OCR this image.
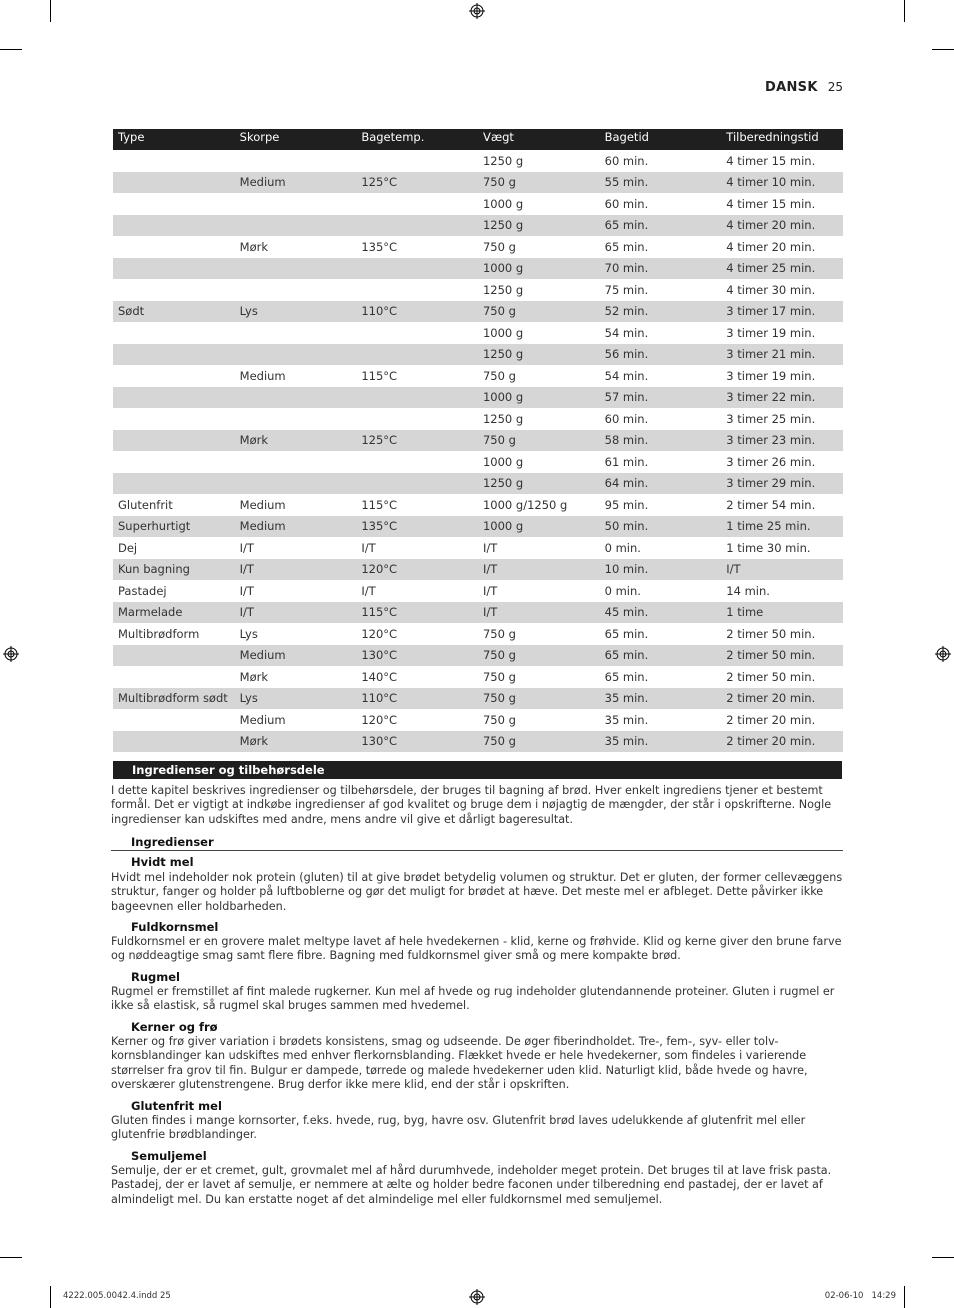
DANSK 25
Type	Skorpe	Bagetemp.	Vægt	Bagetid	Tilberedningstid
			1250 g	60 min.	4 timer 15 min.
	Medium	125°C	750 g	55 min.	4 timer 10 min.
			1000 g	60 min.	4 timer 15 min.
			1250 g	65 min.	4 timer 20 min.
	Mørk	135°C	750 g	65 min.	4 timer 20 min.
			1000 g	70 min.	4 timer 25 min.
			1250 g	75 min.	4 timer 30 min.
Sødt	Lys	110°C	750 g	52 min.	3 timer 17 min.
			1000 g	54 min.	3 timer 19 min.
			1250 g	56 min.	3 timer 21 min.
	Medium	115°C	750 g	54 min.	3 timer 19 min.
			1000 g	57 min.	3 timer 22 min.
			1250 g	60 min.	3 timer 25 min.
	Mørk	125°C	750 g	58 min.	3 timer 23 min.
			1000 g	61 min.	3 timer 26 min.
			1250 g	64 min.	3 timer 29 min.
Glutenfrit	Medium	115°C	1000 g/1250 g	95 min.	2 timer 54 min.
Superhurtigt	Medium	135°C	1000 g	50 min.	1 time 25 min.
Dej	I/T	I/T	I/T	0 min.	1 time 30 min.
Kun bagning	I/T	120°C	I/T	10 min.	I/T
Pastadej	I/T	I/T	I/T	0 min.	14 min.
Marmelade	I/T	115°C	I/T	45 min.	1 time
Multibrødform	Lys	120°C	750 g	65 min.	2 timer 50 min.
	Medium	130°C	750 g	65 min.	2 timer 50 min.
	Mørk	140°C	750 g	65 min.	2 timer 50 min.
Multibrødform sødt	Lys	110°C	750 g	35 min.	2 timer 20 min.
	Medium	120°C	750 g	35 min.	2 timer 20 min.
	Mørk	130°C	750 g	35 min.	2 timer 20 min.
Ingredienser og tilbehørsdele
I dette kapitel beskrives ingredienser og tilbehørsdele, der bruges til bagning af brød. Hver enkelt ingrediens tjener et bestemt formål. Det er vigtigt at indkøbe ingredienser af god kvalitet og bruge dem i nøjagtig de mængder, der står i opskrifterne. Nogle ingredienser kan udskiftes med andre, mens andre vil give et dårligt bageresultat.
Ingredienser
Hvidt mel
Hvidt mel indeholder nok protein (gluten) til at give brødet betydelig volumen og struktur. Det er gluten, der former cellevæggens struktur, fanger og holder på luftboblerne og gør det muligt for brødet at hæve. Det meste mel er afbleget. Dette påvirker ikke bageevnen eller holdbarheden.
Fuldkornsmel
Fuldkornsmel er en grovere malet meltype lavet af hele hvedekernen - klid, kerne og frøhvide. Klid og kerne giver den brune farve og nøddeagtige smag samt flere fibre. Bagning med fuldkornsmel giver små og mere kompakte brød.
Rugmel
Rugmel er fremstillet af fint malede rugkerner. Kun mel af hvede og rug indeholder glutendannende proteiner. Gluten i rugmel er ikke så elastisk, så rugmel skal bruges sammen med hvedemel.
Kerner og frø
Kerner og frø giver variation i brødets konsistens, smag og udseende. De øger fiberindholdet. Tre-, fem-, syv- eller tolv-kornsblandinger kan udskiftes med enhver flerkornsblanding. Flækket hvede er hele hvedekerner, som findeles i varierende størrelser fra grov til fin. Bulgur er dampede, tørrede og malede hvedekerner uden klid. Naturligt klid, både hvede og havre, overskærer glutenstrengene. Brug derfor ikke mere klid, end der står i opskriften.
Glutenfrit mel
Gluten findes i mange kornsorter, f.eks. hvede, rug, byg, havre osv. Glutenfrit brød laves udelukkende af glutenfrit mel eller glutenfrie brødblandinger.
Semuljemel
Semulje, der er et cremet, gult, grovmalet mel af hård durumhvede, indeholder meget protein. Det bruges til at lave frisk pasta. Pastadej, der er lavet af semulje, er nemmere at ælte og holder bedre faconen under tilberedning end pastadej, der er lavet af almindeligt mel. Du kan erstatte noget af det almindelige mel eller fuldkornsmel med semuljemel.
4222.005.0042.4.indd 25	02-06-10 14:29
